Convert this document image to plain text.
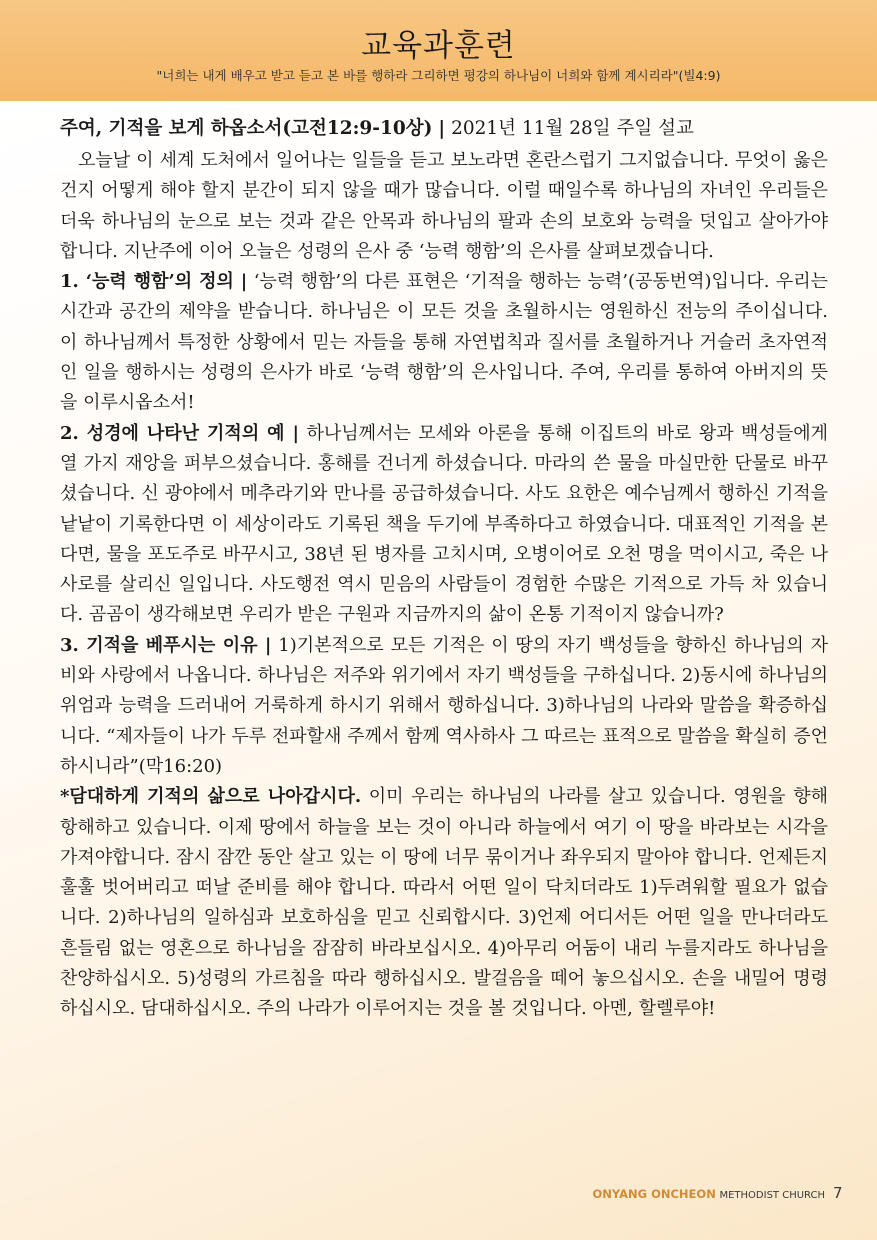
교육과훈련
"너희는 내게 배우고 받고 듣고 본 바를 행하라 그리하면 평강의 하나님이 너희와 함께 계시리라"(빌4:9)
주여, 기적을 보게 하옵소서(고전12:9-10상) | 2021년 11월 28일 주일 설교

오늘날 이 세계 도처에서 일어나는 일들을 듣고 보노라면 혼란스럽기 그지없습니다. 무엇이 옳은 건지 어떻게 해야 할지 분간이 되지 않을 때가 많습니다. 이럴 때일수록 하나님의 자녀인 우리들은 더욱 하나님의 눈으로 보는 것과 같은 안목과 하나님의 팔과 손의 보호와 능력을 덧입고 살아가야 합니다. 지난주에 이어 오늘은 성령의 은사 중 ‘능력 행함’의 은사를 살펴보겠습니다.

1. ‘능력 행함’의 정의 | ‘능력 행함’의 다른 표현은 ‘기적을 행하는 능력’(공동번역)입니다. 우리는 시간과 공간의 제약을 받습니다. 하나님은 이 모든 것을 초월하시는 영원하신 전능의 주이십니다. 이 하나님께서 특정한 상황에서 믿는 자들을 통해 자연법칙과 질서를 초월하거나 거슬러 초자연적인 일을 행하시는 성령의 은사가 바로 ‘능력 행함’의 은사입니다. 주여, 우리를 통하여 아버지의 뜻을 이루시옵소서!

2. 성경에 나타난 기적의 예 | 하나님께서는 모세와 아론을 통해 이집트의 바로 왕과 백성들에게 열 가지 재앙을 퍼부으셨습니다. 홍해를 건너게 하셨습니다. 마라의 쓴 물을 마실만한 단물로 바꾸셨습니다. 신 광야에서 메추라기와 만나를 공급하셨습니다. 사도 요한은 예수님께서 행하신 기적을 낱낱이 기록한다면 이 세상이라도 기록된 책을 두기에 부족하다고 하였습니다. 대표적인 기적을 본다면, 물을 포도주로 바꾸시고, 38년 된 병자를 고치시며, 오병이어로 오천 명을 먹이시고, 죽은 나사로를 살리신 일입니다. 사도행전 역시 믿음의 사람들이 경험한 수많은 기적으로 가득 차 있습니다. 곰곰이 생각해보면 우리가 받은 구원과 지금까지의 삶이 온통 기적이지 않습니까?

3. 기적을 베푸시는 이유 | 1)기본적으로 모든 기적은 이 땅의 자기 백성들을 향하신 하나님의 자비와 사랑에서 나옵니다. 하나님은 저주와 위기에서 자기 백성들을 구하십니다. 2)동시에 하나님의 위엄과 능력을 드러내어 거룩하게 하시기 위해서 행하십니다. 3)하나님의 나라와 말씀을 확증하십니다. “제자들이 나가 두루 전파할새 주께서 함께 역사하사 그 따르는 표적으로 말씀을 확실히 증언하시니라”(막16:20)

*담대하게 기적의 삶으로 나아갑시다. 이미 우리는 하나님의 나라를 살고 있습니다. 영원을 향해 항해하고 있습니다. 이제 땅에서 하늘을 보는 것이 아니라 하늘에서 여기 이 땅을 바라보는 시각을 가져야합니다. 잠시 잠깐 동안 살고 있는 이 땅에 너무 묶이거나 좌우되지 말아야 합니다. 언제든지 훌훌 벗어버리고 떠날 준비를 해야 합니다. 따라서 어떤 일이 닥치더라도 1)두려워할 필요가 없습니다. 2)하나님의 일하심과 보호하심을 믿고 신뢰합시다. 3)언제 어디서든 어떤 일을 만나더라도 흔들림 없는 영혼으로 하나님을 잠잠히 바라보십시오. 4)아무리 어둠이 내리 누를지라도 하나님을 찬양하십시오. 5)성령의 가르침을 따라 행하십시오. 발걸음을 떼어 놓으십시오. 손을 내밀어 명령하십시오. 담대하십시오. 주의 나라가 이루어지는 것을 볼 것입니다. 아멘, 할렐루야!

ONYANG ONCHEON METHODIST CHURCH 7
